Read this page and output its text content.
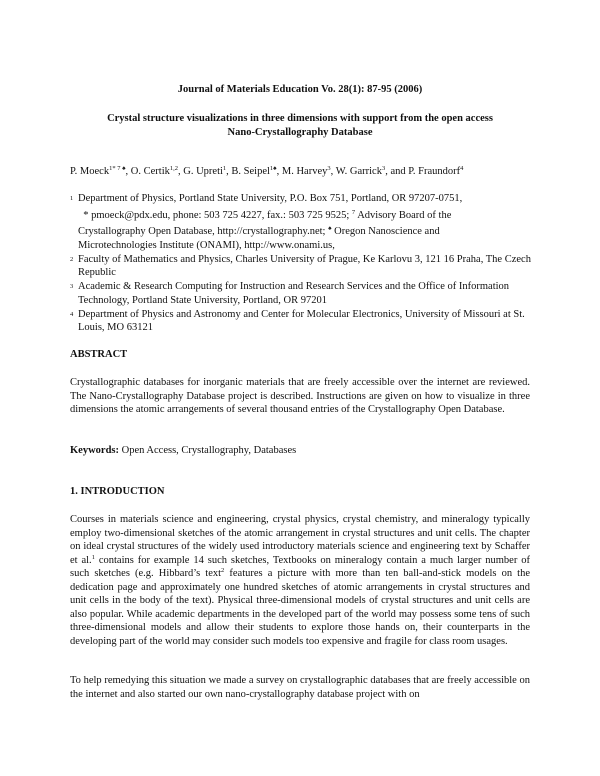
Journal of Materials Education Vo. 28(1): 87-95 (2006)
Crystal structure visualizations in three dimensions with support from the open access
Nano-Crystallography Database
P. Moeck$^{1* 7 ♠}$, O. Certik$^{1,2}$, G. Upreti$^1$, B. Seipel$^{1♠}$, M. Harvey$^3$, W. Garrick$^3$, and P. Fraundorf$^4$
1 Department of Physics, Portland State University, P.O. Box 751, Portland, OR 97207-0751,
* pmoeck@pdx.edu, phone: 503 725 4227, fax.: 503 725 9525; $^7$ Advisory Board of the
Crystallography Open Database, http://crystallography.net; ♠ Oregon Nanoscience and
Microtechnologies Institute (ONAMI), http://www.onami.us,
2 Faculty of Mathematics and Physics, Charles University of Prague, Ke Karlovu 3, 121 16 Praha, The Czech Republic
3 Academic & Research Computing for Instruction and Research Services and the Office of Information Technology, Portland State University, Portland, OR 97201
4 Department of Physics and Astronomy and Center for Molecular Electronics, University of Missouri at St. Louis, MO 63121
ABSTRACT
Crystallographic databases for inorganic materials that are freely accessible over the internet are reviewed. The Nano-Crystallography Database project is described. Instructions are given on how to visualize in three dimensions the atomic arrangements of several thousand entries of the Crystallography Open Database.
Keywords: Open Access, Crystallography, Databases
1. INTRODUCTION
Courses in materials science and engineering, crystal physics, crystal chemistry, and mineralogy typically employ two-dimensional sketches of the atomic arrangement in crystal structures and unit cells. The chapter on ideal crystal structures of the widely used introductory materials science and engineering text by Schaffer et al.$^1$ contains for example 14 such sketches, Textbooks on mineralogy contain a much larger number of such sketches (e.g. Hibbard’s text$^2$ features a picture with more than ten ball-and-stick models on the dedication page and approximately one hundred sketches of atomic arrangements in crystal structures and unit cells in the body of the text). Physical three-dimensional models of crystal structures and unit cells are also popular. While academic departments in the developed part of the world may possess some tens of such three-dimensional models and allow their students to explore those hands on, their counterparts in the developing part of the world may consider such models too expensive and fragile for class room usages.
To help remedying this situation we made a survey on crystallographic databases that are freely accessible on the internet and also started our own nano-crystallography database project with on
